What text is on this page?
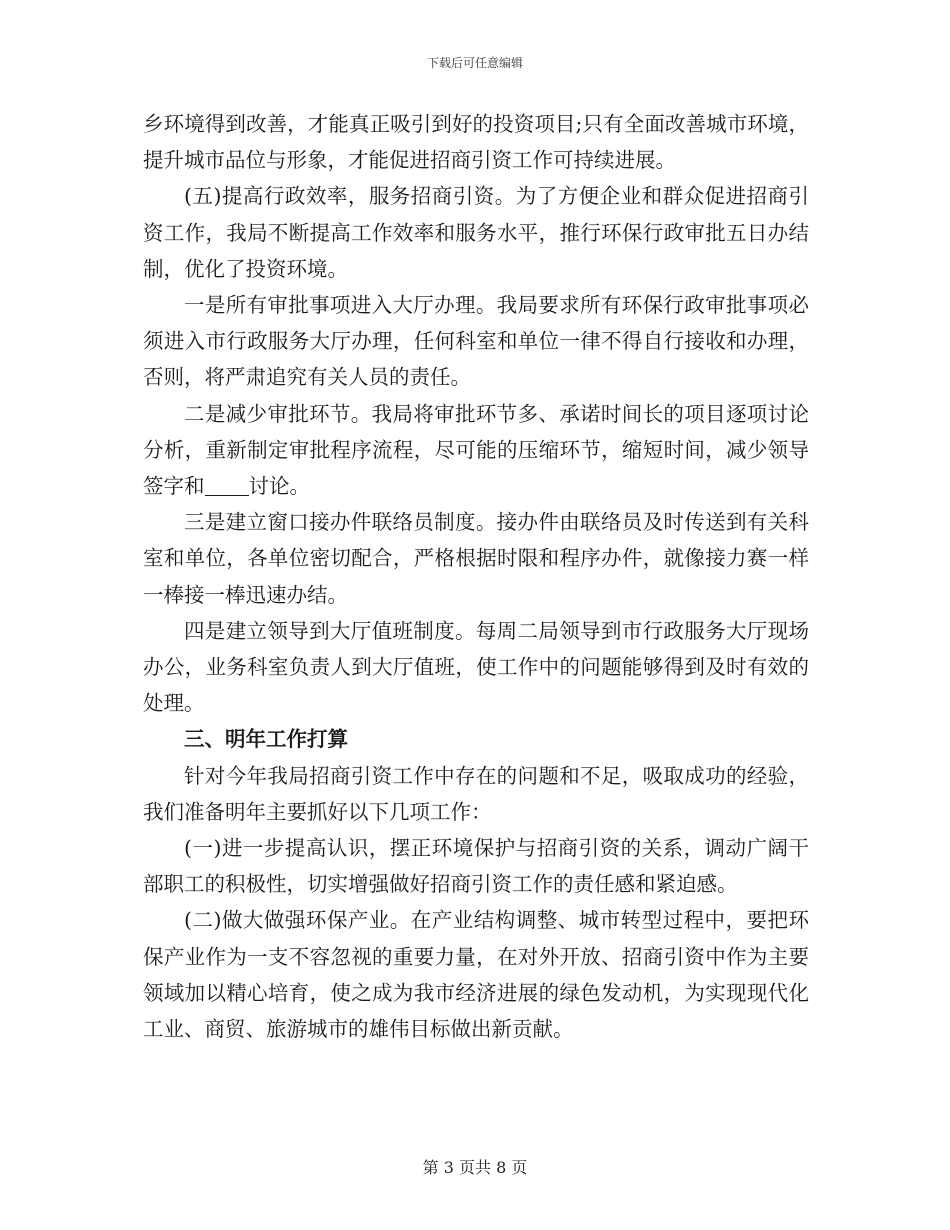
下载后可任意编辑

乡环境得到改善，才能真正吸引到好的投资项目;只有全面改善城市环境，提升城市品位与形象，才能促进招商引资工作可持续进展。

(五)提高行政效率，服务招商引资。为了方便企业和群众促进招商引资工作，我局不断提高工作效率和服务水平，推行环保行政审批五日办结制，优化了投资环境。

一是所有审批事项进入大厅办理。我局要求所有环保行政审批事项必须进入市行政服务大厅办理，任何科室和单位一律不得自行接收和办理，否则，将严肃追究有关人员的责任。

二是减少审批环节。我局将审批环节多、承诺时间长的项目逐项讨论分析，重新制定审批程序流程，尽可能的压缩环节，缩短时间，减少领导签字和 讨论。

三是建立窗口接办件联络员制度。接办件由联络员及时传送到有关科室和单位，各单位密切配合，严格根据时限和程序办件，就像接力赛一样一棒接一棒迅速办结。

四是建立领导到大厅值班制度。每周二局领导到市行政服务大厅现场办公，业务科室负责人到大厅值班，使工作中的问题能够得到及时有效的处理。

三、明年工作打算

针对今年我局招商引资工作中存在的问题和不足，吸取成功的经验，我们准备明年主要抓好以下几项工作：

(一)进一步提高认识，摆正环境保护与招商引资的关系，调动广阔干部职工的积极性，切实增强做好招商引资工作的责任感和紧迫感。

(二)做大做强环保产业。在产业结构调整、城市转型过程中，要把环保产业作为一支不容忽视的重要力量，在对外开放、招商引资中作为主要领域加以精心培育，使之成为我市经济进展的绿色发动机，为实现现代化工业、商贸、旅游城市的雄伟目标做出新贡献。

第 3 页共 8 页
